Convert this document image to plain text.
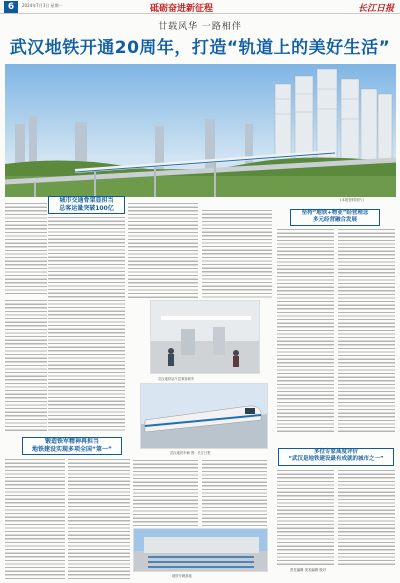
6	2024年7月3日 星期一	砥砺奋进新征程	长江日报
廿载风华 一路相伴
武汉地铁开通20周年，打造“轨道上的美好生活”
(本报资料图片)
城市交通骨架显担当
总客运量突破100亿
锻造铁军精神再担当
地铁建设实现多项全国“第一”
武汉地铁站厅层乘客候车
武汉地铁车辆 图：长江日报
地铁车辆基地
坚持“地铁+物业”经营理念
多元经营融合发展
多位专家高度评价
“武汉是地铁建设最有成就的城市之一”
责任编辑 美术编辑 校对
